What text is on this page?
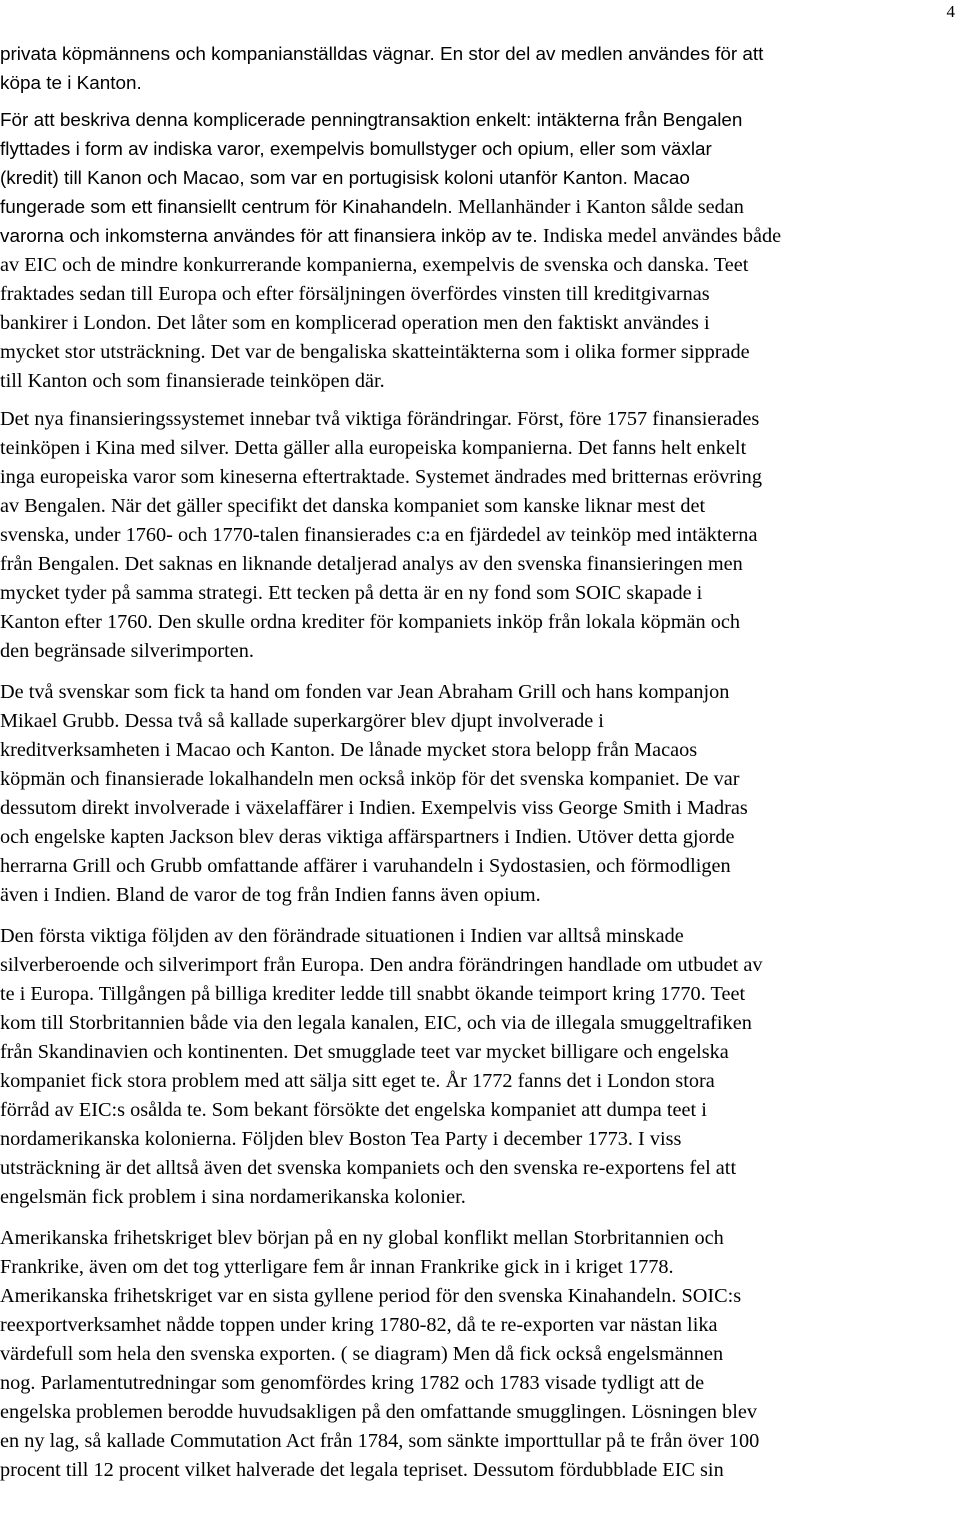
4
privata köpmännens och kompanianställdas vägnar. En stor del av medlen användes för att
köpa te i Kanton.
För att beskriva denna komplicerade penningtransaktion enkelt: intäkterna från Bengalen
flyttades i form av indiska varor, exempelvis bomullstyger och opium, eller som växlar
(kredit) till Kanon och Macao, som var en portugisisk koloni utanför Kanton. Macao
fungerade som ett finansiellt centrum för Kinahandeln. Mellanhänder i Kanton sålde sedan
varorna och inkomsterna användes för att finansiera inköp av te. Indiska medel användes både
av EIC och de mindre konkurrerande kompanierna, exempelvis de svenska och danska. Teet
fraktades sedan till Europa och efter försäljningen överfördes vinsten till kreditgivarnas
bankirer i London. Det låter som en komplicerad operation men den faktiskt användes i
mycket stor utsträckning. Det var de bengaliska skatteintäkterna som i olika former sipprade
till Kanton och som finansierade teinköpen där.
Det nya finansieringssystemet innebar två viktiga förändringar. Först, före 1757 finansierades
teinköpen i Kina med silver. Detta gäller alla europeiska kompanierna. Det fanns helt enkelt
inga europeiska varor som kineserna eftertraktade. Systemet ändrades med britternas erövring
av Bengalen. När det gäller specifikt det danska kompaniet som kanske liknar mest det
svenska, under 1760- och 1770-talen finansierades c:a en fjärdedel av teinköp med intäkterna
från Bengalen. Det saknas en liknande detaljerad analys av den svenska finansieringen men
mycket tyder på samma strategi. Ett tecken på detta är en ny fond som SOIC skapade i
Kanton efter 1760. Den skulle ordna krediter för kompaniets inköp från lokala köpmän och
den begränsade silverimporten.
De två svenskar som fick ta hand om fonden var Jean Abraham Grill och hans kompanjon
Mikael Grubb. Dessa två så kallade superkargörer blev djupt involverade i
kreditverksamheten i Macao och Kanton. De lånade mycket stora belopp från Macaos
köpmän och finansierade lokalhandeln men också inköp för det svenska kompaniet. De var
dessutom direkt involverade i växelaffärer i Indien. Exempelvis viss George Smith i Madras
och engelske kapten Jackson blev deras viktiga affärspartners i Indien. Utöver detta gjorde
herrarna Grill och Grubb omfattande affärer i varuhandeln i Sydostasien, och förmodligen
även i Indien. Bland de varor de tog från Indien fanns även opium.
Den första viktiga följden av den förändrade situationen i Indien var alltså minskade
silverberoende och silverimport från Europa. Den andra förändringen handlade om utbudet av
te i Europa. Tillgången på billiga krediter ledde till snabbt ökande teimport kring 1770. Teet
kom till Storbritannien både via den legala kanalen, EIC, och via de illegala smuggeltrafiken
från Skandinavien och kontinenten. Det smugglade teet var mycket billigare och engelska
kompaniet fick stora problem med att sälja sitt eget te. År 1772 fanns det i London stora
förråd av EIC:s osålda te. Som bekant försökte det engelska kompaniet att dumpa teet i
nordamerikanska kolonierna. Följden blev Boston Tea Party i december 1773. I viss
utsträckning är det alltså även det svenska kompaniets och den svenska re-exportens fel att
engelsmän fick problem i sina nordamerikanska kolonier.
Amerikanska frihetskriget blev början på en ny global konflikt mellan Storbritannien och
Frankrike, även om det tog ytterligare fem år innan Frankrike gick in i kriget 1778.
Amerikanska frihetskriget var en sista gyllene period för den svenska Kinahandeln. SOIC:s
reexportverksamhet nådde toppen under kring 1780-82, då te re-exporten var nästan lika
värdefull som hela den svenska exporten. ( se diagram) Men då fick också engelsmännen
nog. Parlamentutredningar som genomfördes kring 1782 och 1783 visade tydligt att de
engelska problemen berodde huvudsakligen på den omfattande smugglingen. Lösningen blev
en ny lag, så kallade Commutation Act från 1784, som sänkte importtullar på te från över 100
procent till 12 procent vilket halverade det legala tepriset. Dessutom fördubblade EIC sin
